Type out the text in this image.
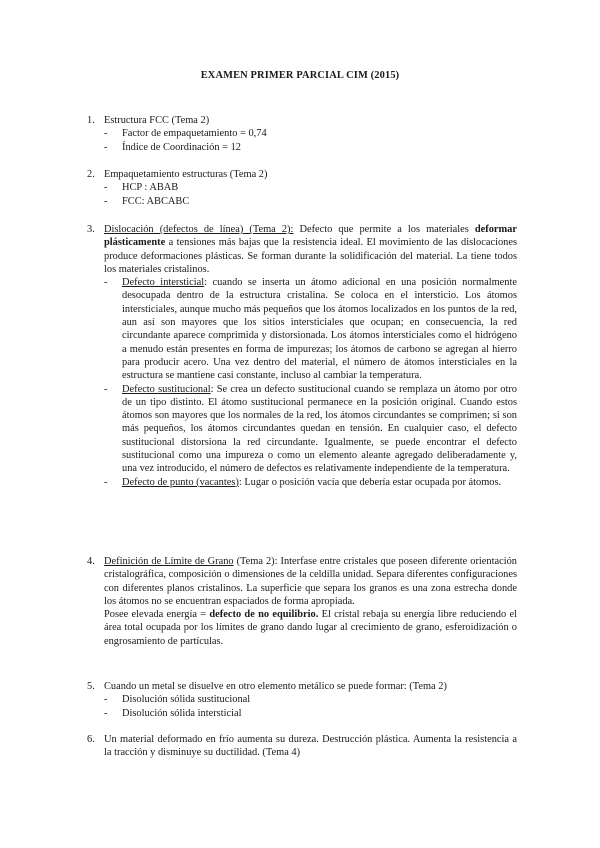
EXAMEN PRIMER PARCIAL CIM (2015)
1. Estructura FCC (Tema 2)

- Factor de empaquetamiento = 0,74
- Índice de Coordinación = 12
2. Empaquetamiento estructuras (Tema 2)

- HCP : ABAB
- FCC: ABCABC
3. Dislocación (defectos de línea) (Tema 2): Defecto que permite a los materiales deformar plásticamente a tensiones más bajas que la resistencia ideal. El movimiento de las dislocaciones produce deformaciones plásticas. Se forman durante la solidificación del material. La tiene todos los materiales cristalinos.

- Defecto intersticial: cuando se inserta un átomo adicional en una posición normalmente desocupada dentro de la estructura cristalina. Se coloca en el intersticio. Los átomos intersticiales, aunque mucho más pequeños que los átomos localizados en los puntos de la red, aun así son mayores que los sitios intersticiales que ocupan; en consecuencia, la red circundante aparece comprimida y distorsionada. Los átomos intersticiales como el hidrógeno a menudo están presentes en forma de impurezas; los átomos de carbono se agregan al hierro para producir acero. Una vez dentro del material, el número de átomos intersticiales en la estructura se mantiene casi constante, incluso al cambiar la temperatura.
- Defecto sustitucional: Se crea un defecto sustitucional cuando se remplaza un átomo por otro de un tipo distinto. El átomo sustitucional permanece en la posición original. Cuando estos átomos son mayores que los normales de la red, los átomos circundantes se comprimen; si son más pequeños, los átomos circundantes quedan en tensión. En cualquier caso, el defecto sustitucional distorsiona la red circundante. Igualmente, se puede encontrar el defecto sustitucional como una impureza o como un elemento aleante agregado deliberadamente y, una vez introducido, el número de defectos es relativamente independiente de la temperatura.
- Defecto de punto (vacantes): Lugar o posición vacía que debería estar ocupada por átomos.
4. Definición de Límite de Grano (Tema 2): Interfase entre cristales que poseen diferente orientación cristalográfica, composición o dimensiones de la celdilla unidad. Separa diferentes configuraciones con diferentes planos cristalinos. La superficie que separa los granos es una zona estrecha donde los átomos no se encuentran espaciados de forma apropiada.

Posee elevada energía = defecto de no equilibrio. El cristal rebaja su energía libre reduciendo el área total ocupada por los límites de grano dando lugar al crecimiento de grano, esferoidización o engrosamiento de partículas.

5. Cuando un metal se disuelve en otro elemento metálico se puede formar: (Tema 2)

- Disolución sólida sustitucional
- Disolución sólida intersticial
6. Un material deformado en frío aumenta su dureza. Destrucción plástica. Aumenta la resistencia a la tracción y disminuye su ductilidad. (Tema 4)
